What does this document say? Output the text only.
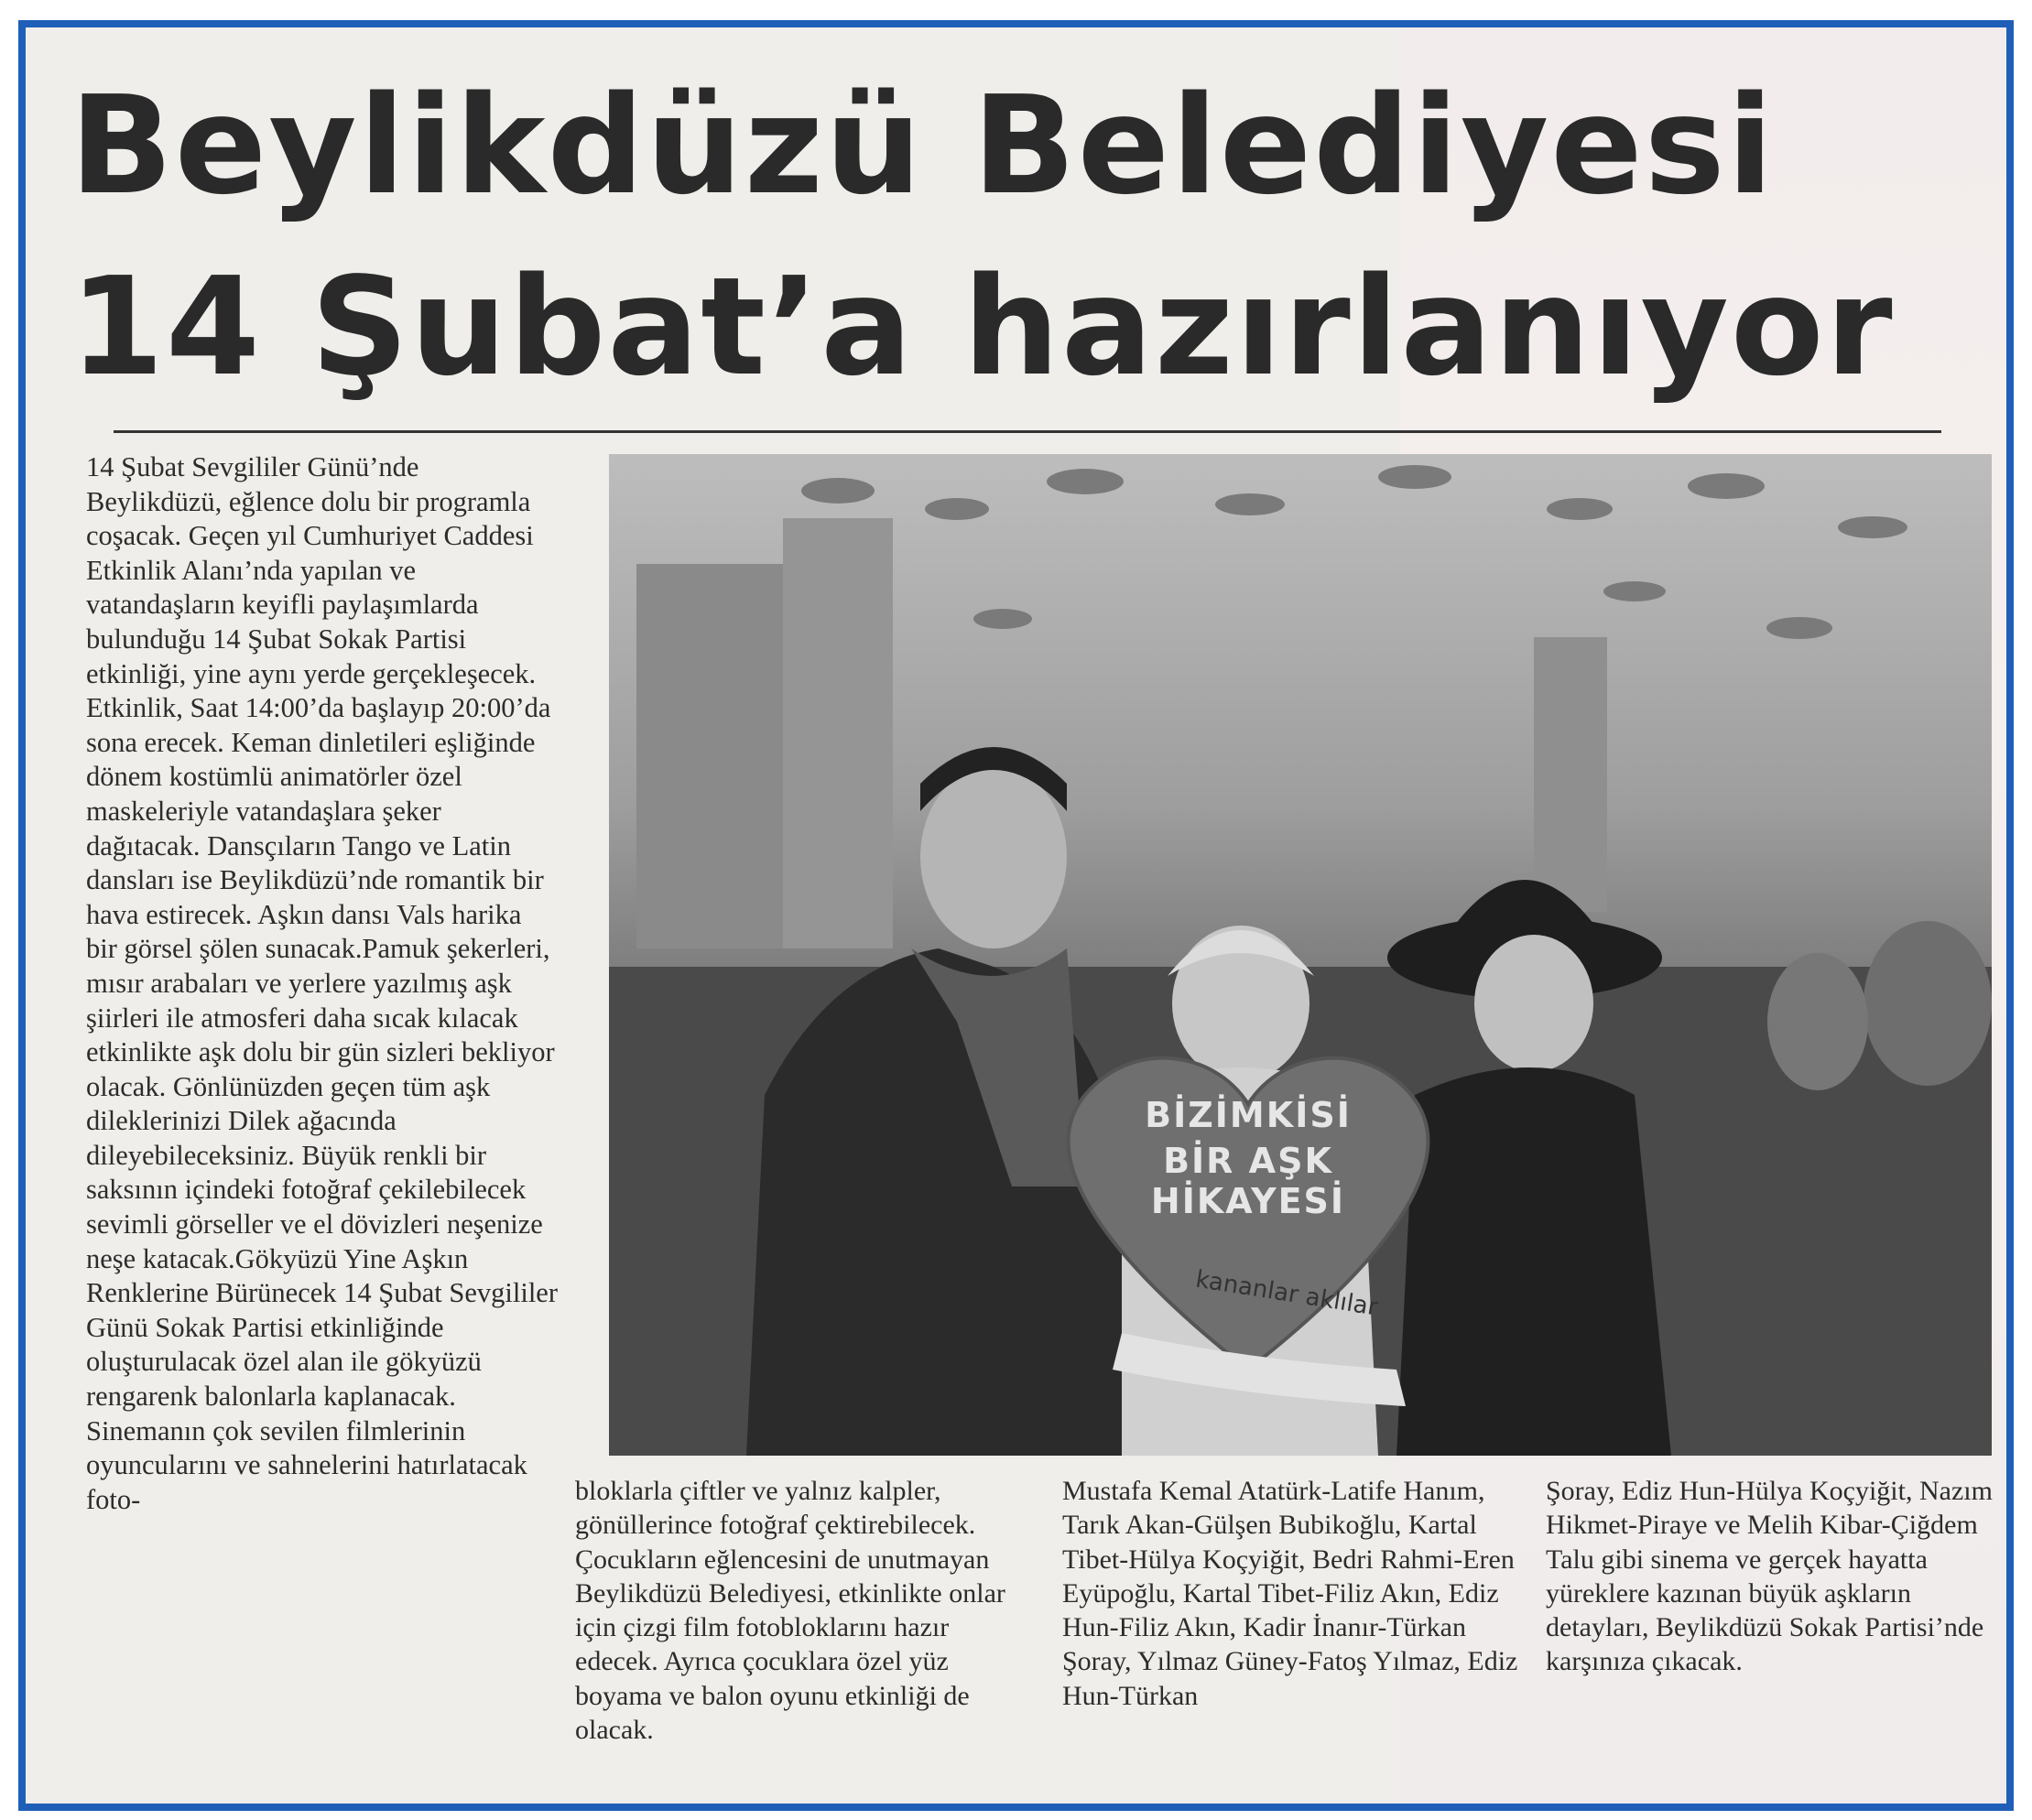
Beylikdüzü Belediyesi
14 Şubat’a hazırlanıyor

14 Şubat Sevgililer Günü’nde Beylikdüzü, eğlence dolu bir programla coşacak. Geçen yıl Cumhuriyet Caddesi Etkinlik Alanı’nda yapılan ve vatandaşların keyifli paylaşımlarda bulunduğu 14 Şubat Sokak Partisi etkinliği, yine aynı yerde gerçekleşecek. Etkinlik, Saat 14:00’da başlayıp 20:00’da sona erecek. Keman dinletileri eşliğinde dönem kostümlü animatörler özel maskeleriyle vatandaşlara şeker dağıtacak. Dansçıların Tango ve Latin dansları ise Beylikdüzü’nde romantik bir hava estirecek. Aşkın dansı Vals harika bir görsel şölen sunacak.Pamuk şekerleri, mısır arabaları ve yerlere yazılmış aşk şiirleri ile atmosferi daha sıcak kılacak etkinlikte aşk dolu bir gün sizleri bekliyor olacak. Gönlünüzden geçen tüm aşk dileklerinizi Dilek ağacında dileyebileceksiniz. Büyük renkli bir saksının içindeki fotoğraf çekilebilecek sevimli görseller ve el dövizleri neşenize neşe katacak.Gökyüzü Yine Aşkın Renklerine Bürünecek 14 Şubat Sevgililer Günü Sokak Partisi etkinliğinde oluşturulacak özel alan ile gökyüzü rengarenk balonlarla kaplanacak. Sinemanın çok sevilen filmlerinin oyuncularını ve sahnelerini hatırlatacak foto-

BİZİMKİSİ
BİR AŞK HİKAYESİ
kananlar aklılar

bloklarla çiftler ve yalnız kalpler, gönüllerince fotoğraf çektirebilecek. Çocukların eğlencesini de unutmayan Beylikdüzü Belediyesi, etkinlikte onlar için çizgi film fotobloklarını hazır edecek. Ayrıca çocuklara özel yüz boyama ve balon oyunu etkinliği de olacak.

Mustafa Kemal Atatürk-Latife Hanım, Tarık Akan-Gülşen Bubikoğlu, Kartal Tibet-Hülya Koçyiğit, Bedri Rahmi-Eren Eyüpoğlu, Kartal Tibet-Filiz Akın, Ediz Hun-Filiz Akın, Kadir İnanır-Türkan Şoray, Yılmaz Güney-Fatoş Yılmaz, Ediz Hun-Türkan

Şoray, Ediz Hun-Hülya Koçyiğit, Nazım Hikmet-Piraye ve Melih Kibar-Çiğdem Talu gibi sinema ve gerçek hayatta yüreklere kazınan büyük aşkların detayları, Beylikdüzü Sokak Partisi’nde karşınıza çıkacak.
